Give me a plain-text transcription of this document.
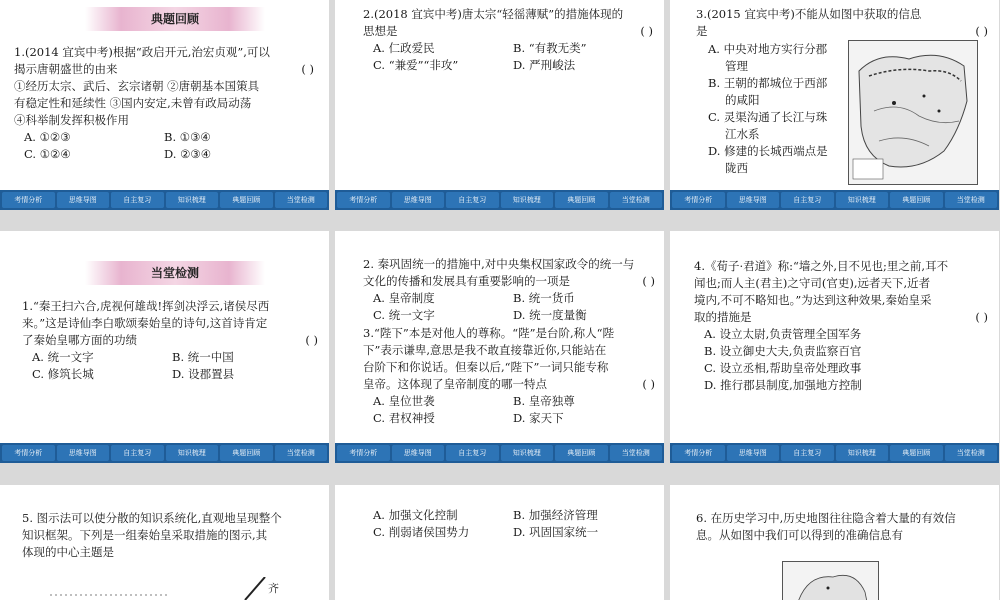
典题回顾

1.(2014 宜宾中考)根据“政启开元,治宏贞观”,可以

揭示唐朝盛世的由来	( )

①经历太宗、武后、玄宗诸朝 ②唐朝基本国策具

有稳定性和延续性 ③国内安定,未曾有政局动荡

④科举制发挥积极作用

A. ①②③	B. ①③④
C. ①②④	D. ②③④
考情分析	思维导图	自主复习	知识梳理	典题回顾	当堂检测

2.(2018 宜宾中考)唐太宗“轻徭薄赋”的措施体现的

思想是	( )

A. 仁政爱民	B. “有教无类”
C. “兼爱”“非攻”	D. 严刑峻法
考情分析	思维导图	自主复习	知识梳理	典题回顾	当堂检测

3.(2015 宜宾中考)不能从如图中获取的信息

是	( )

A. 中央对地方实行分郡

管理

B. 王朝的都城位于西部

的咸阳

C. 灵渠沟通了长江与珠

江水系

D. 修建的长城西端点是

陇西

考情分析	思维导图	自主复习	知识梳理	典题回顾	当堂检测
当堂检测

1.“秦王扫六合,虎视何雄哉!挥剑决浮云,诸侯尽西

来。”这是诗仙李白歌颂秦始皇的诗句,这首诗肯定

了秦始皇哪方面的功绩	( )

A. 统一文字	B. 统一中国
C. 修筑长城	D. 设郡置县
考情分析	思维导图	自主复习	知识梳理	典题回顾	当堂检测

2. 秦巩固统一的措施中,对中央集权国家政令的统一与

文化的传播和发展具有重要影响的一项是	( )

A. 皇帝制度	B. 统一货币
C. 统一文字	D. 统一度量衡

3.“陛下”本是对他人的尊称。“陛”是台阶,称人“陛

下”表示谦卑,意思是我不敢直接靠近你,只能站在

台阶下和你说话。但秦以后,“陛下”一词只能专称

皇帝。这体现了皇帝制度的哪一特点	( )

A. 皇位世袭	B. 皇帝独尊
C. 君权神授	D. 家天下
考情分析	思维导图	自主复习	知识梳理	典题回顾	当堂检测

4.《荀子·君道》称:“墙之外,目不见也;里之前,耳不

闻也;而人主(君主)之守司(官吏),远者天下,近者

境内,不可不略知也。”为达到这种效果,秦始皇采

取的措施是	( )

A. 设立太尉,负责管理全国军务

B. 设立御史大夫,负责监察百官

C. 设立丞相,帮助皇帝处理政事

D. 推行郡县制度,加强地方控制

考情分析	思维导图	自主复习	知识梳理	典题回顾	当堂检测

5. 图示法可以使分散的知识系统化,直观地呈现整个

知识框架。下列是一组秦始皇采取措施的图示,其

体现的中心主题是

齐
A. 加强文化控制	B. 加强经济管理
C. 削弱诸侯国势力	D. 巩固国家统一

6. 在历史学习中,历史地图往往隐含着大量的有效信

息。从如图中我们可以得到的准确信息有
